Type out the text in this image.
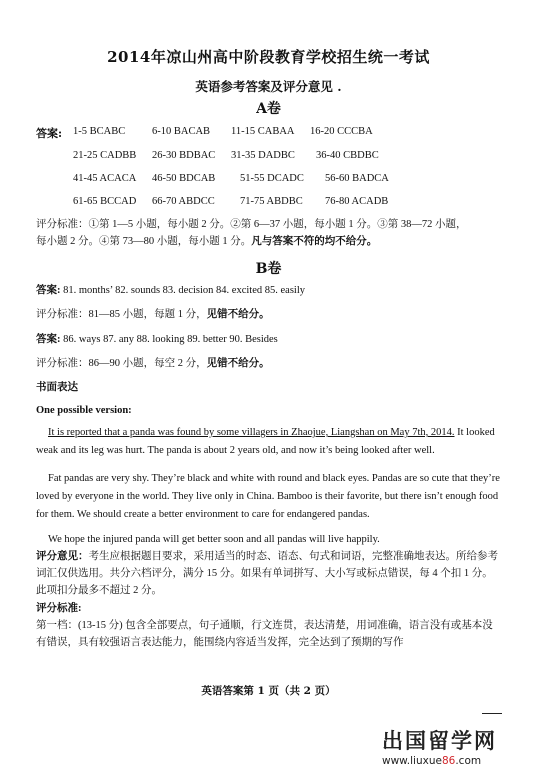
2014年凉山州高中阶段教育学校招生统一考试
英语参考答案及评分意见 .
A卷
答案: 1-5 BCABC	6-10 BACAB 11-15 CABAA 16-20 CCCBA
21-25 CADBB 26-30 BDBAC 31-35 DADBC 36-40 CBDBC
41-45 ACACA 46-50 BDCAB 51-55 DCADC 56-60 BADCA
61-65 BCCAD 66-70 ABDCC 71-75 ABDBC 76-80 ACADB
评分标准：①第 1—5 小题，每小题 2 分。②第 6—37 小题，每小题 1 分。③第 38—72 小题，
每小题 2 分。④第 73—80 小题，每小题 1 分。凡与答案不符的均不给分。
B卷
答案: 81. months’ 82. sounds 83. decision 84. excited 85. easily
评分标准：81—85 小题，每题 1 分，见错不给分。
答案: 86. ways 87. any 88. looking 89. better 90. Besides
评分标准：86—90 小题，每空 2 分，见错不给分。
书面表达
One possible version:
It is reported that a panda was found by some villagers in Zhaojue, Liangshan on May 7th, 2014. It looked weak and its leg was hurt. The panda is about 2 years old, and now it’s being looked after well.
Fat pandas are very shy. They’re black and white with round and black eyes. Pandas are so cute that they’re loved by everyone in the world. They live only in China. Bamboo is their favorite, but there isn’t enough food for them. We should create a better environment to care for endangered pandas.
We hope the injured panda will get better soon and all pandas will live happily.
评分意见：考生应根据题目要求，采用适当的时态、语态、句式和词语，完整准确地表达。所给参考词汇仅供选用。共分六档评分，满分 15 分。如果有单词拼写、大小写或标点错误，每 4 个扣 1 分。此项扣分最多不超过 2 分。
评分标准:
第一档：(13-15 分) 包含全部要点，句子通顺，行文连贯，表达清楚，用词准确，语言没有或基本没有错误，具有较强语言表达能力，能围绕内容适当发挥，完全达到了预期的写作
英语答案第 1 页（共 2 页）
出国留学网
www.liuxue86.com
